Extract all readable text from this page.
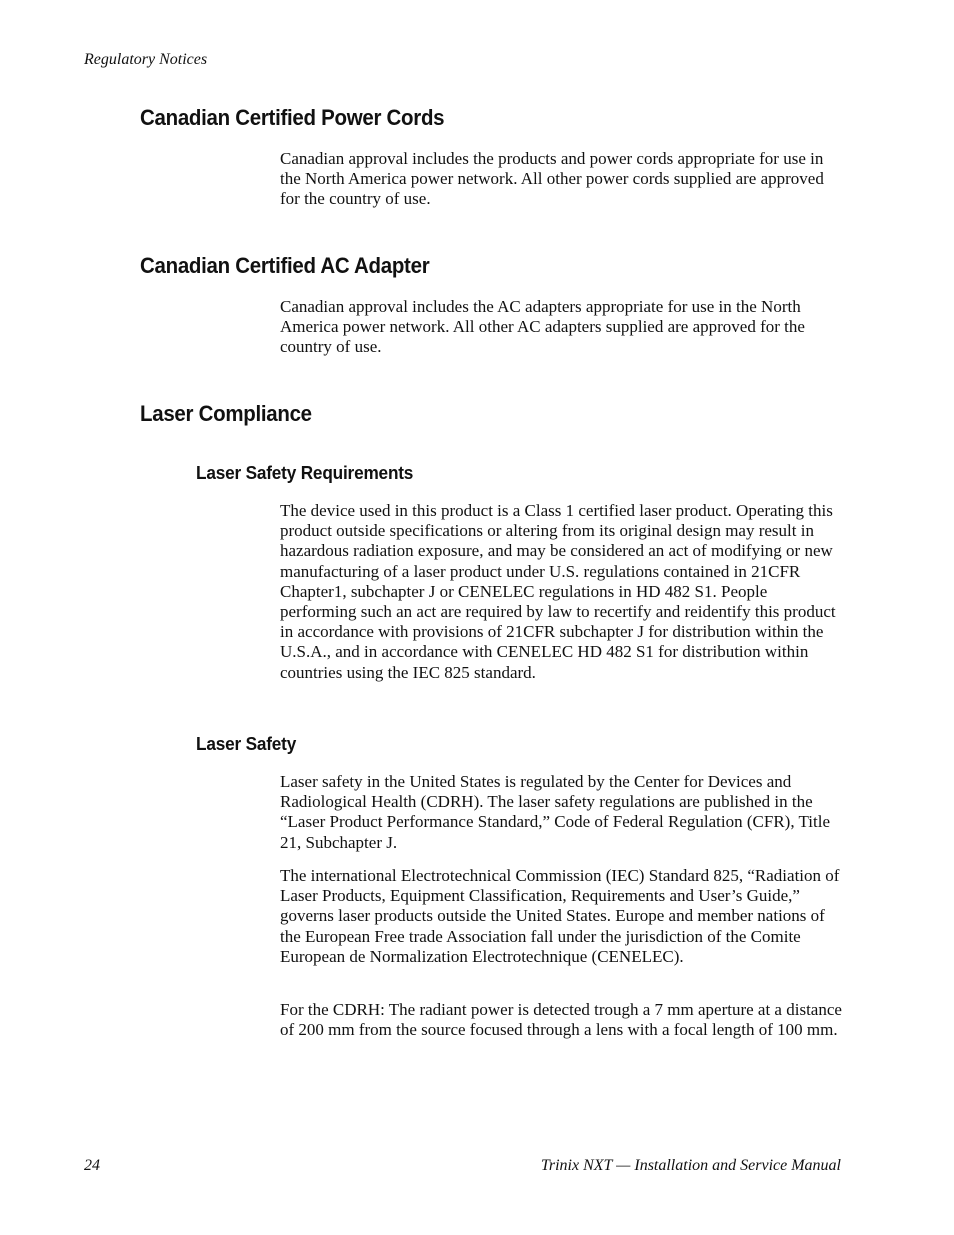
Regulatory Notices
Canadian Certified Power Cords

Canadian approval includes the products and power cords appropriate for use in the North America power network. All other power cords supplied are approved for the country of use.

Canadian Certified AC Adapter

Canadian approval includes the AC adapters appropriate for use in the North America power network. All other AC adapters supplied are approved for the country of use.

Laser Compliance
Laser Safety Requirements

The device used in this product is a Class 1 certified laser product. Operating this product outside specifications or altering from its original design may result in hazardous radiation exposure, and may be considered an act of modifying or new manufacturing of a laser product under U.S. regulations contained in 21CFR Chapter1, subchapter J or CENELEC regulations in HD 482 S1. People performing such an act are required by law to recertify and reidentify this product in accordance with provisions of 21CFR subchapter J for distribution within the U.S.A., and in accordance with CENELEC HD 482 S1 for distribution within countries using the IEC 825 standard.

Laser Safety

Laser safety in the United States is regulated by the Center for Devices and Radiological Health (CDRH). The laser safety regulations are published in the “Laser Product Performance Standard,” Code of Federal Regulation (CFR), Title 21, Subchapter J.

The international Electrotechnical Commission (IEC) Standard 825, “Radiation of Laser Products, Equipment Classification, Requirements and User’s Guide,” governs laser products outside the United States. Europe and member nations of the European Free trade Association fall under the jurisdiction of the Comite European de Normalization Electrotechnique (CENELEC).

For the CDRH: The radiant power is detected trough a 7 mm aperture at a distance of 200 mm from the source focused through a lens with a focal length of 100 mm.

24	Trinix NXT — Installation and Service Manual
